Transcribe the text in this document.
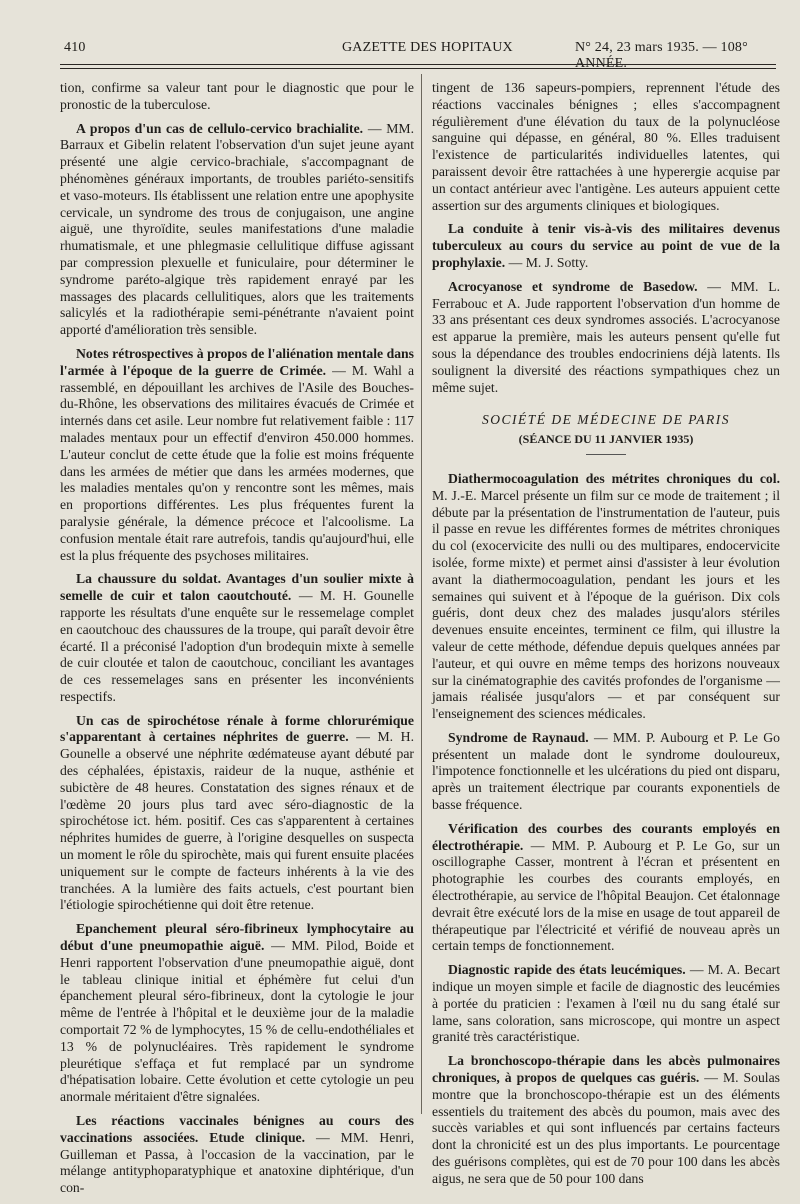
410	GAZETTE DES HOPITAUX	N° 24, 23 mars 1935. — 108° ANNÉE.

tion, confirme sa valeur tant pour le diagnostic que pour le pronostic de la tuberculose.

A propos d'un cas de cellulo-cervico brachialite. — MM. Barraux et Gibelin relatent l'observation d'un sujet jeune ayant présenté une algie cervico-brachiale, s'accompagnant de phénomènes généraux importants, de troubles pariéto-sensitifs et vaso-moteurs. Ils établissent une relation entre une apophysite cervicale, un syndrome des trous de conjugaison, une angine aiguë, une thyroïdite, seules manifestations d'une maladie rhumatismale, et une phlegmasie cellulitique diffuse agissant par compression plexuelle et funiculaire, pour déterminer le syndrome paréto-algique très rapidement enrayé par les massages des placards cellulitiques, alors que les traitements salicylés et la radiothérapie semi-pénétrante n'avaient point apporté d'amélioration très sensible.

Notes rétrospectives à propos de l'aliénation mentale dans l'armée à l'époque de la guerre de Crimée. — M. Wahl a rassemblé, en dépouillant les archives de l'Asile des Bouches-du-Rhône, les observations des militaires évacués de Crimée et internés dans cet asile. Leur nombre fut relativement faible : 117 malades mentaux pour un effectif d'environ 450.000 hommes. L'auteur conclut de cette étude que la folie est moins fréquente dans les armées de métier que dans les armées modernes, que les maladies mentales qu'on y rencontre sont les mêmes, mais en proportions différentes. Les plus fréquentes furent la paralysie générale, la démence précoce et l'alcoolisme. La confusion mentale était rare autrefois, tandis qu'aujourd'hui, elle est la plus fréquente des psychoses militaires.

La chaussure du soldat. Avantages d'un soulier mixte à semelle de cuir et talon caoutchouté. — M. H. Gounelle rapporte les résultats d'une enquête sur le ressemelage complet en caoutchouc des chaussures de la troupe, qui paraît devoir être écarté. Il a préconisé l'adoption d'un brodequin mixte à semelle de cuir cloutée et talon de caoutchouc, conciliant les avantages de ces ressemelages sans en présenter les inconvénients respectifs.

Un cas de spirochétose rénale à forme chlorurémique s'apparentant à certaines néphrites de guerre. — M. H. Gounelle a observé une néphrite œdémateuse ayant débuté par des céphalées, épistaxis, raideur de la nuque, asthénie et subictère de 48 heures. Constatation des signes rénaux et de l'œdème 20 jours plus tard avec séro-diagnostic de la spirochétose ict. hém. positif. Ces cas s'apparentent à certaines néphrites humides de guerre, à l'origine desquelles on suspecta un moment le rôle du spirochète, mais qui furent ensuite placées uniquement sur le compte de facteurs inhérents à la vie des tranchées. A la lumière des faits actuels, c'est pourtant bien l'étiologie spirochétienne qui doit être retenue.

Epanchement pleural séro-fibrineux lymphocytaire au début d'une pneumopathie aiguë. — MM. Pilod, Boide et Henri rapportent l'observation d'une pneumopathie aiguë, dont le tableau clinique initial et éphémère fut celui d'un épanchement pleural séro-fibrineux, dont la cytologie le jour même de l'entrée à l'hôpital et le deuxième jour de la maladie comportait 72 % de lymphocytes, 15 % de cellu-endothéliales et 13 % de polynucléaires. Très rapidement le syndrome pleurétique s'effaça et fut remplacé par un syndrome d'hépatisation lobaire. Cette évolution et cette cytologie un peu anormale méritaient d'être signalées.

Les réactions vaccinales bénignes au cours des vaccinations associées. Etude clinique. — MM. Henri, Guilleman et Passa, à l'occasion de la vaccination, par le mélange antityphoparatyphique et anatoxine diphtérique, d'un con-

tingent de 136 sapeurs-pompiers, reprennent l'étude des réactions vaccinales bénignes ; elles s'accompagnent régulièrement d'une élévation du taux de la polynucléose sanguine qui dépasse, en général, 80 %. Elles traduisent l'existence de particularités individuelles latentes, qui paraissent devoir être rattachées à une hyperergie acquise par un contact antérieur avec l'antigène. Les auteurs appuient cette assertion sur des arguments cliniques et biologiques.

La conduite à tenir vis-à-vis des militaires devenus tuberculeux au cours du service au point de vue de la prophylaxie. — M. J. Sotty.

Acrocyanose et syndrome de Basedow. — MM. L. Ferrabouc et A. Jude rapportent l'observation d'un homme de 33 ans présentant ces deux syndromes associés. L'acrocyanose est apparue la première, mais les auteurs pensent qu'elle fut sous la dépendance des troubles endocriniens déjà latents. Ils soulignent la diversité des réactions sympathiques chez un même sujet.

SOCIÉTÉ DE MÉDECINE DE PARIS
(SÉANCE DU 11 JANVIER 1935)

Diathermocoagulation des métrites chroniques du col. M. J.-E. Marcel présente un film sur ce mode de traitement ; il débute par la présentation de l'instrumentation de l'auteur, puis il passe en revue les différentes formes de métrites chroniques du col (exocervicite des nulli ou des multipares, endocervicite isolée, forme mixte) et permet ainsi d'assister à leur évolution avant la diathermocoagulation, pendant les jours et les semaines qui suivent et à l'époque de la guérison. Dix cols guéris, dont deux chez des malades jusqu'alors stériles devenues ensuite enceintes, terminent ce film, qui illustre la valeur de cette méthode, défendue depuis quelques années par l'auteur, et qui ouvre en même temps des horizons nouveaux sur la cinématographie des cavités profondes de l'organisme — jamais réalisée jusqu'alors — et par conséquent sur l'enseignement des sciences médicales.

Syndrome de Raynaud. — MM. P. Aubourg et P. Le Go présentent un malade dont le syndrome douloureux, l'impotence fonctionnelle et les ulcérations du pied ont disparu, après un traitement électrique par courants exponentiels de basse fréquence.

Vérification des courbes des courants employés en électrothérapie. — MM. P. Aubourg et P. Le Go, sur un oscillographe Casser, montrent à l'écran et présentent en photographie les courbes des courants employés, en électrothérapie, au service de l'hôpital Beaujon. Cet étalonnage devrait être exécuté lors de la mise en usage de tout appareil de thérapeutique par l'électricité et vérifié de nouveau après un certain temps de fonctionnement.

Diagnostic rapide des états leucémiques. — M. A. Becart indique un moyen simple et facile de diagnostic des leucémies à portée du praticien : l'examen à l'œil nu du sang étalé sur lame, sans coloration, sans microscope, qui montre un aspect granité très caractéristique.

La bronchoscopo-thérapie dans les abcès pulmonaires chroniques, à propos de quelques cas guéris. — M. Soulas montre que la bronchoscopo-thérapie est un des éléments essentiels du traitement des abcès du poumon, mais avec des succès variables et qui sont influencés par certains facteurs dont la chronicité est un des plus importants. Le pourcentage des guérisons complètes, qui est de 70 pour 100 dans les abcès aigus, ne sera que de 50 pour 100 dans
